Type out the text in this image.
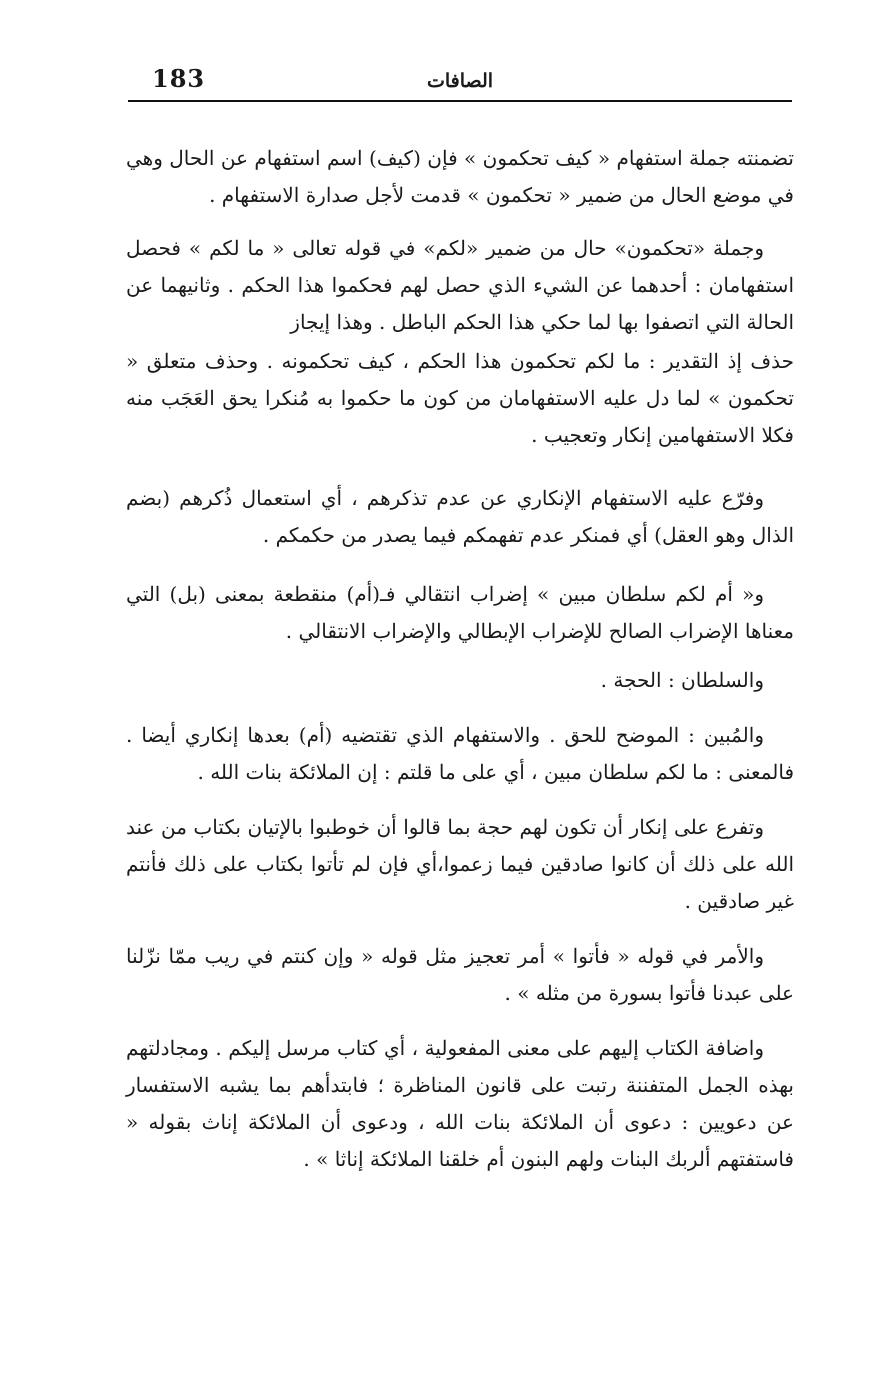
183	الصافات

تضمنته جملة استفهام « كيف تحكمون » فإن (كيف) اسم استفهام عن الحال وهي في موضع الحال من ضمير « تحكمون » قدمت لأجل صدارة الاستفهام .

وجملة «تحكمون» حال من ضمير «لكم» في قوله تعالى « ما لكم » فحصل استفهامان : أحدهما عن الشيء الذي حصل لهم فحكموا هذا الحكم . وثانيهما عن الحالة التي اتصفوا بها لما حكي هذا الحكم الباطل . وهذا إيجاز

حذف إذ التقدير : ما لكم تحكمون هذا الحكم ، كيف تحكمونه . وحذف متعلق « تحكمون » لما دل عليه الاستفهامان من كون ما حكموا به مُنكرا يحق العَجَب منه فكلا الاستفهامين إنكار وتعجيب .

وفرّع عليه الاستفهام الإنكاري عن عدم تذكرهم ، أي استعمال ذُكرهم (بضم الذال وهو العقل) أي فمنكر عدم تفهمكم فيما يصدر من حكمكم .

و« أم لكم سلطان مبين » إضراب انتقالي فـ(أم) منقطعة بمعنى (بل) التي معناها الإضراب الصالح للإضراب الإبطالي والإضراب الانتقالي .

والسلطان : الحجة .

والمُبين : الموضح للحق . والاستفهام الذي تقتضيه (أم) بعدها إنكاري أيضا . فالمعنى : ما لكم سلطان مبين ، أي على ما قلتم : إن الملائكة بنات الله .

وتفرع على إنكار أن تكون لهم حجة بما قالوا أن خوطبوا بالإتيان بكتاب من عند الله على ذلك أن كانوا صادقين فيما زعموا،أي فإن لم تأتوا بكتاب على ذلك فأنتم غير صادقين .

والأمر في قوله « فأتوا » أمر تعجيز مثل قوله « وإن كنتم في ريب ممّا نزّلنا على عبدنا فأتوا بسورة من مثله » .

واضافة الكتاب إليهم على معنى المفعولية ، أي كتاب مرسل إليكم . ومجادلتهم بهذه الجمل المتفننة رتبت على قانون المناظرة ؛ فابتدأهم بما يشبه الاستفسار عن دعويين : دعوى أن الملائكة بنات الله ، ودعوى أن الملائكة إناث بقوله « فاستفتهم ألربك البنات ولهم البنون أم خلقنا الملائكة إناثا » .
